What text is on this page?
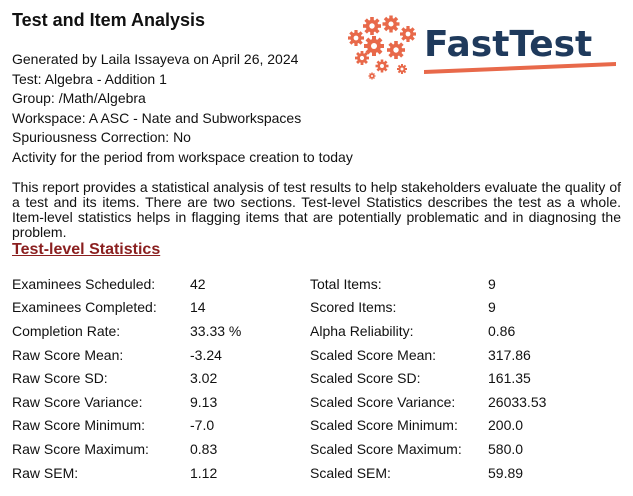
Test and Item Analysis
Generated by Laila Issayeva on April 26, 2024
Test: Algebra - Addition 1
Group: /Math/Algebra
Workspace: A ASC - Nate and Subworkspaces
Spuriousness Correction: No
Activity for the period from workspace creation to today
FastTest

This report provides a statistical analysis of test results to help stakeholders evaluate the quality of a test and its items. There are two sections. Test-level Statistics describes the test as a whole. Item-level statistics helps in flagging items that are potentially problematic and in diagnosing the problem.

Test-level Statistics
Examinees Scheduled:	42	Total Items:	9
Examinees Completed:	14	Scored Items:	9
Completion Rate:	33.33 %	Alpha Reliability:	0.86
Raw Score Mean:	-3.24	Scaled Score Mean:	317.86
Raw Score SD:	3.02	Scaled Score SD:	161.35
Raw Score Variance:	9.13	Scaled Score Variance:	26033.53
Raw Score Minimum:	-7.0	Scaled Score Minimum:	200.0
Raw Score Maximum:	0.83	Scaled Score Maximum:	580.0
Raw SEM:	1.12	Scaled SEM:	59.89
